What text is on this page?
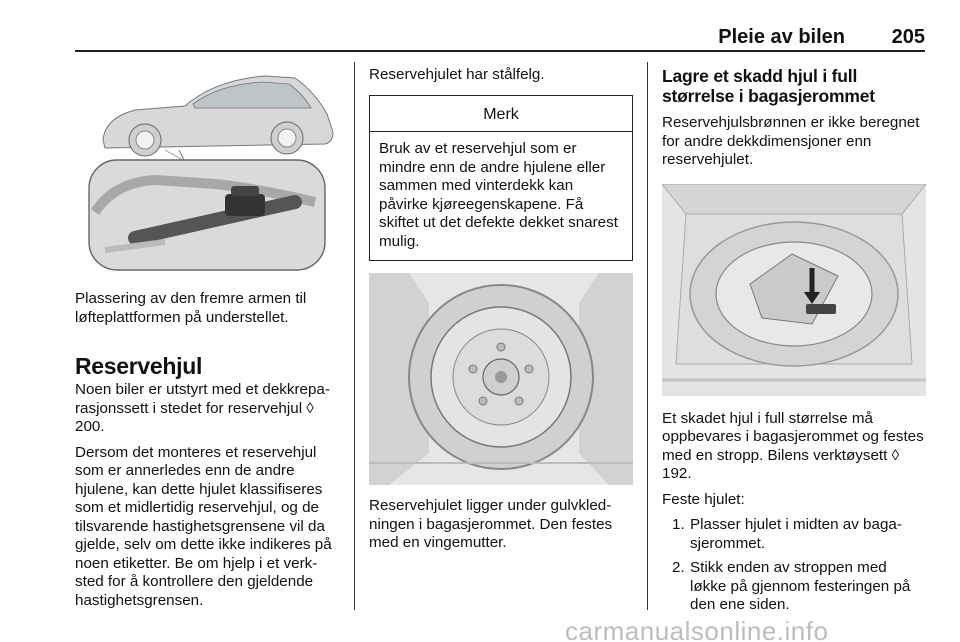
Pleie av bilen 205

Plassering av den fremre armen til løfteplattformen på understellet.

Reservehjul

Noen biler er utstyrt med et dekkreparasjonssett i stedet for reservehjul ◊ 200.

Dersom det monteres et reservehjul som er annerledes enn de andre hjulene, kan dette hjulet klassifiseres som et midlertidig reservehjul, og de tilsvarende hastighetsgrensene vil da gjelde, selv om dette ikke indikeres på noen etiketter. Be om hjelp i et verksted for å kontrollere den gjeldende hastighetsgrensen.

Reservehjulet har stålfelg.

Merk
Bruk av et reservehjul som er mindre enn de andre hjulene eller sammen med vinterdekk kan påvirke kjøreegenskapene. Få skiftet ut det defekte dekket snarest mulig.

Reservehjulet ligger under gulvkledningen i bagasjerommet. Den festes med en vingemutter.

Lagre et skadd hjul i full størrelse i bagasjerommet

Reservehjulsbrønnen er ikke beregnet for andre dekkdimensjoner enn reservehjulet.

Et skadet hjul i full størrelse må oppbevares i bagasjerommet og festes med en stropp. Bilens verktøysett ◊ 192.

Feste hjulet:

1. Plasser hjulet i midten av bagasjerommet.
2. Stikk enden av stroppen med løkke på gjennom festeringen på den ene siden.
carmanualsonline.info
